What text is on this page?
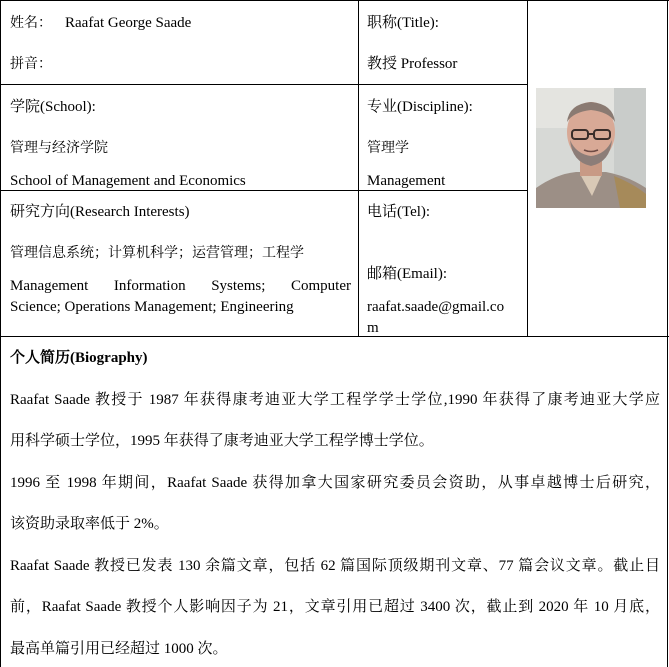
姓名： Raafat George Saade
拼音：
职称(Title):
教授 Professor
学院(School):
管理与经济学院
School of Management and Economics
专业(Discipline):
管理学
Management
研究方向(Research Interests)
管理信息系统；计算机科学；运营管理；工程学
Management Information Systems; Computer
Science; Operations Management; Engineering
电话(Tel):
邮箱(Email):
raafat.saade@gmail.co
m
个人简历(Biography)
Raafat Saade 教授于 1987 年获得康考迪亚大学工程学学士学位,1990 年获得了康考迪亚大学应
用科学硕士学位，1995 年获得了康考迪亚大学工程学博士学位。
1996 至 1998 年期间，Raafat Saade 获得加拿大国家研究委员会资助，从事卓越博士后研究，
该资助录取率低于 2%。
Raafat Saade 教授已发表 130 余篇文章，包括 62 篇国际顶级期刊文章、77 篇会议文章。截止目
前，Raafat Saade 教授个人影响因子为 21，文章引用已超过 3400 次，截止到 2020 年 10 月底，
最高单篇引用已经超过 1000 次。
